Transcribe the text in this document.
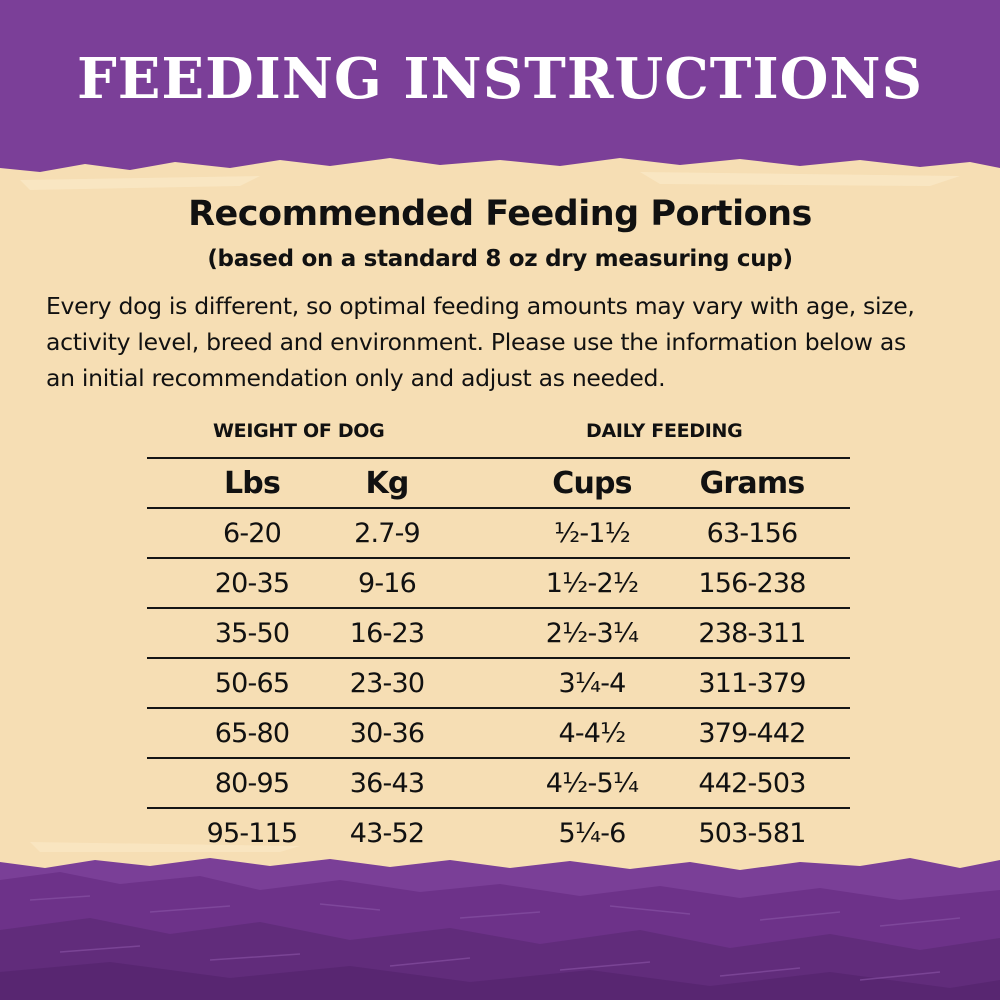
FEEDING INSTRUCTIONS
Recommended Feeding Portions
(based on a standard 8 oz dry measuring cup)
Every dog is different, so optimal feeding amounts may vary with age, size, activity level, breed and environment. Please use the information below as an initial recommendation only and adjust as needed.
WEIGHT OF DOG	DAILY FEEDING
Lbs	Kg	Cups	Grams
6-20	2.7-9	½-1½	63-156
20-35	9-16	1½-2½	156-238
35-50	16-23	2½-3¼	238-311
50-65	23-30	3¼-4	311-379
65-80	30-36	4-4½	379-442
80-95	36-43	4½-5¼	442-503
95-115	43-52	5¼-6	503-581
